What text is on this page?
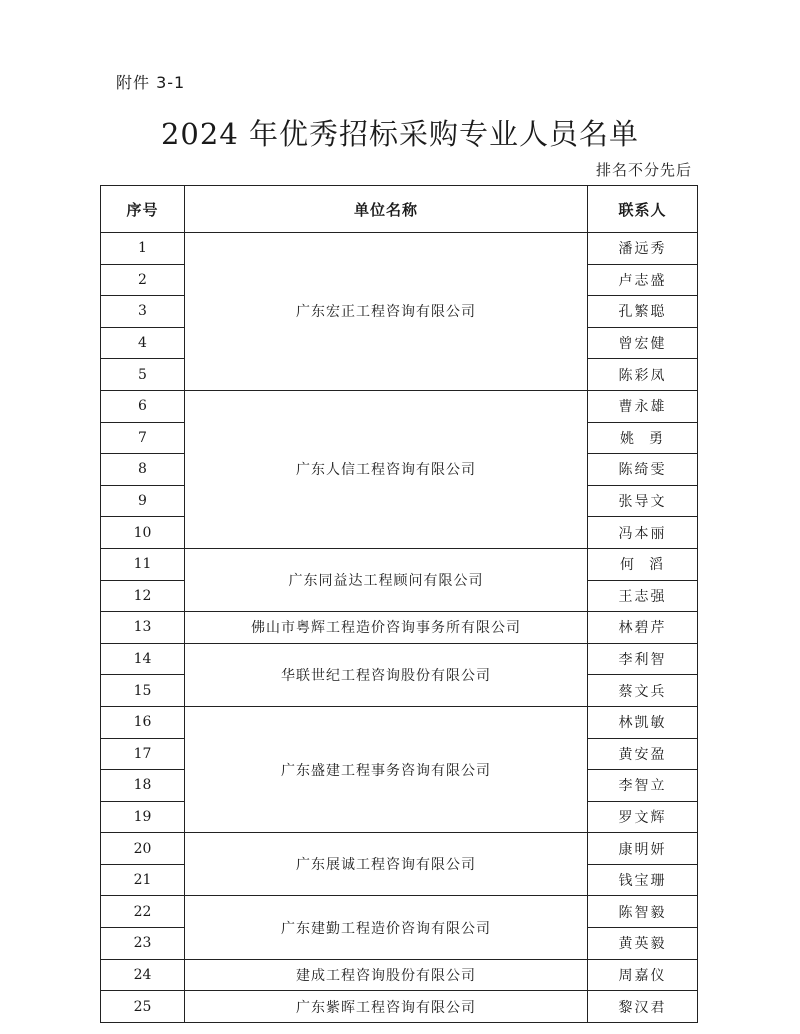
附件 3-1
2024 年优秀招标采购专业人员名单
排名不分先后
序号	单位名称	联系人
1	广东宏正工程咨询有限公司	潘远秀
2		卢志盛
3		孔繁聪
4		曾宏健
5		陈彩凤
6	广东人信工程咨询有限公司	曹永雄
7		姚  勇
8		陈绮雯
9		张导文
10		冯本丽
11	广东同益达工程顾问有限公司	何  滔
12		王志强
13	佛山市粤辉工程造价咨询事务所有限公司	林碧芹
14	华联世纪工程咨询股份有限公司	李利智
15		蔡文兵
16	广东盛建工程事务咨询有限公司	林凯敏
17		黄安盈
18		李智立
19		罗文辉
20	广东展诚工程咨询有限公司	康明妍
21		钱宝珊
22	广东建勤工程造价咨询有限公司	陈智毅
23		黄英毅
24	建成工程咨询股份有限公司	周嘉仪
25	广东紫晖工程咨询有限公司	黎汉君
